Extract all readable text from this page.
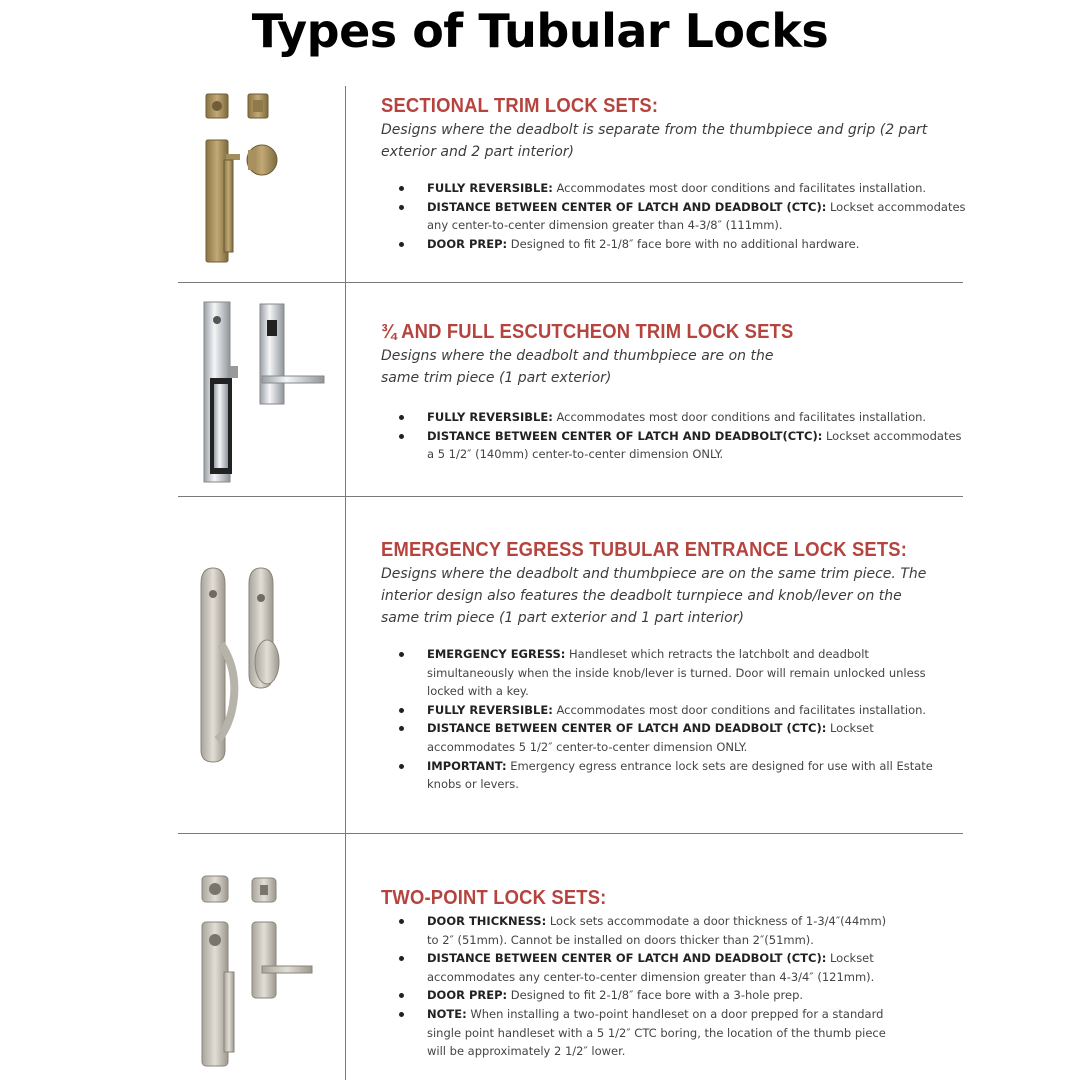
Types of Tubular Locks
SECTIONAL TRIM LOCK SETS:
Designs where the deadbolt is separate from the thumbpiece and grip (2 part exterior and 2 part interior)
FULLY REVERSIBLE: Accommodates most door conditions and facilitates installation.
DISTANCE BETWEEN CENTER OF LATCH AND DEADBOLT (CTC): Lockset accommodates any center-to-center dimension greater than 4-3/8″ (111mm).
DOOR PREP: Designed to fit 2-1/8″ face bore with no additional hardware.
¾ AND FULL ESCUTCHEON TRIM LOCK SETS
Designs where the deadbolt and thumbpiece are on the same trim piece (1 part exterior)
FULLY REVERSIBLE: Accommodates most door conditions and facilitates installation.
DISTANCE BETWEEN CENTER OF LATCH AND DEADBOLT(CTC): Lockset accommodates a 5 1/2″ (140mm) center-to-center dimension ONLY.
EMERGENCY EGRESS TUBULAR ENTRANCE LOCK SETS:
Designs where the deadbolt and thumbpiece are on the same trim piece. The interior design also features the deadbolt turnpiece and knob/lever on the same trim piece (1 part exterior and 1 part interior)
EMERGENCY EGRESS: Handleset which retracts the latchbolt and deadbolt simultaneously when the inside knob/lever is turned. Door will remain unlocked unless locked with a key.
FULLY REVERSIBLE: Accommodates most door conditions and facilitates installation.
DISTANCE BETWEEN CENTER OF LATCH AND DEADBOLT (CTC): Lockset accommodates 5 1/2″ center-to-center dimension ONLY.
IMPORTANT: Emergency egress entrance lock sets are designed for use with all Estate knobs or levers.
TWO-POINT LOCK SETS:
DOOR THICKNESS: Lock sets accommodate a door thickness of 1-3/4″(44mm) to 2″ (51mm). Cannot be installed on doors thicker than 2″(51mm).
DISTANCE BETWEEN CENTER OF LATCH AND DEADBOLT (CTC): Lockset accommodates any center-to-center dimension greater than 4-3/4″ (121mm).
DOOR PREP: Designed to fit 2-1/8″ face bore with a 3-hole prep.
NOTE: When installing a two-point handleset on a door prepped for a standard single point handleset with a 5 1/2″ CTC boring, the location of the thumb piece will be approximately 2 1/2″ lower.
